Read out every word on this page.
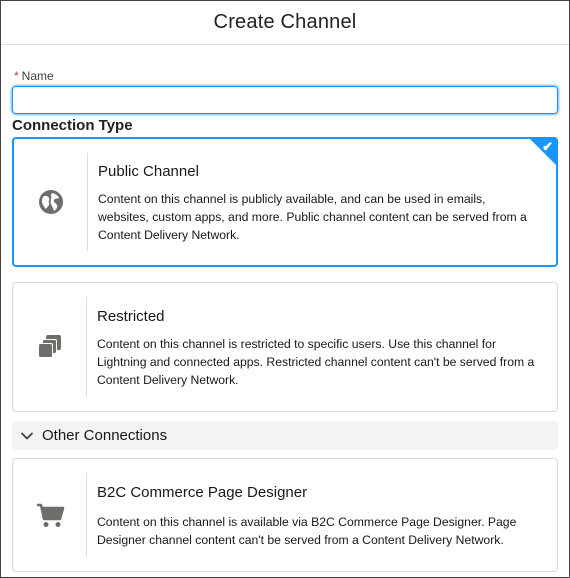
Create Channel
* Name
Connection Type
Public Channel
Content on this channel is publicly available, and can be used in emails, websites, custom apps, and more. Public channel content can be served from a Content Delivery Network.
✔
Restricted
Content on this channel is restricted to specific users. Use this channel for Lightning and connected apps. Restricted channel content can't be served from a Content Delivery Network.
Other Connections
B2C Commerce Page Designer
Content on this channel is available via B2C Commerce Page Designer. Page Designer channel content can't be served from a Content Delivery Network.
